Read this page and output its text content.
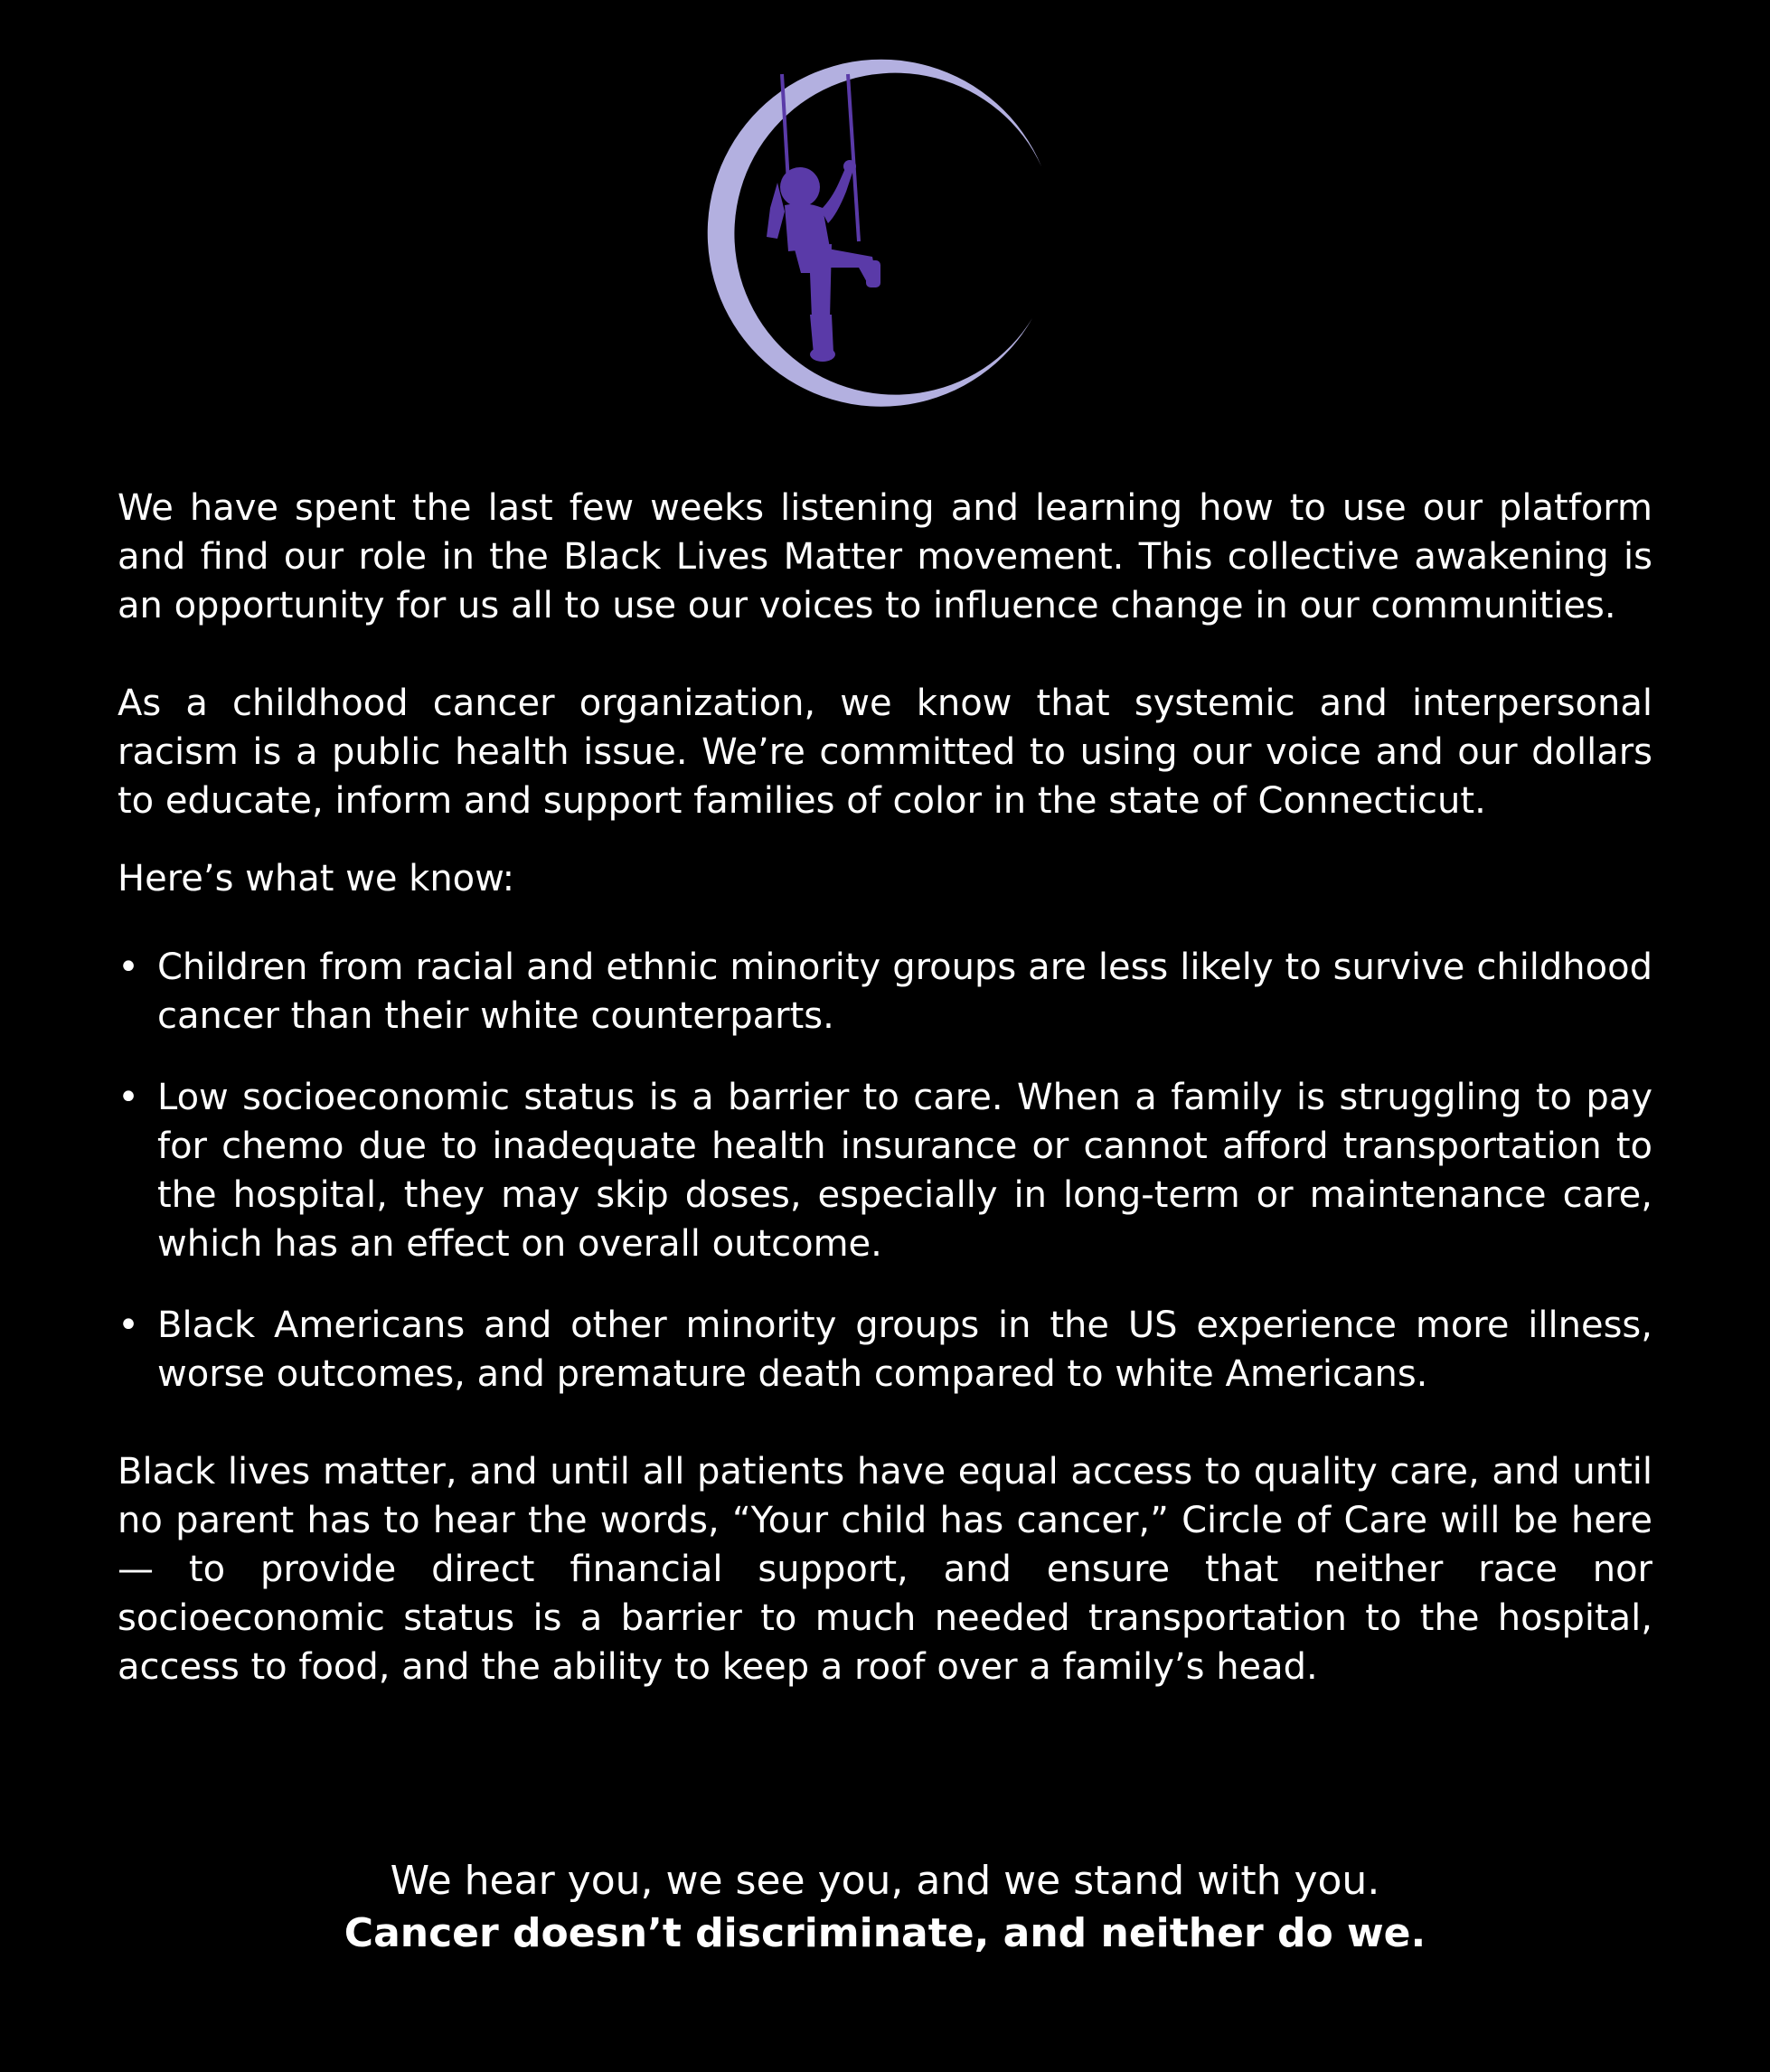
We have spent the last few weeks listening and learning how to use our platform and find our role in the Black Lives Matter movement. This collective awakening is an opportunity for us all to use our voices to influence change in our communities.

As a childhood cancer organization, we know that systemic and interpersonal racism is a public health issue. We’re committed to using our voice and our dollars to educate, inform and support families of color in the state of Connecticut.

Here’s what we know:

• Children from racial and ethnic minority groups are less likely to survive childhood cancer than their white counterparts.
• Low socioeconomic status is a barrier to care. When a family is struggling to pay for chemo due to inadequate health insurance or cannot afford transportation to the hospital, they may skip doses, especially in long-term or maintenance care, which has an effect on overall outcome.
• Black Americans and other minority groups in the US experience more illness, worse outcomes, and premature death compared to white Americans.

Black lives matter, and until all patients have equal access to quality care, and until no parent has to hear the words, “Your child has cancer,” Circle of Care will be here— to provide direct financial support, and ensure that neither race nor socioeconomic status is a barrier to much needed transportation to the hospital, access to food, and the ability to keep a roof over a family’s head.

We hear you, we see you, and we stand with you.
Cancer doesn’t discriminate, and neither do we.
